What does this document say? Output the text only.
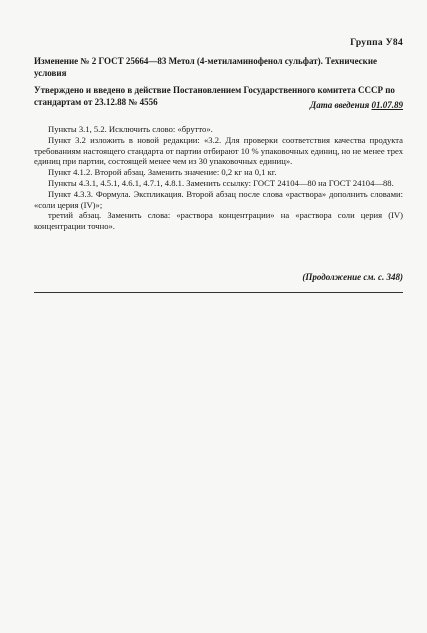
Группа У84

Изменение № 2 ГОСТ 25664—83 Метол (4-метиламинофенол сульфат). Технические условия

Утверждено и введено в действие Постановлением Государственного комитета СССР по стандартам от 23.12.88 № 4556	Дата введения 01.07.89

Пункты 3.1, 5.2. Исключить слово: «брутто».

Пункт 3.2 изложить в новой редакции: «3.2. Для проверки соответствия качества продукта требованиям настоящего стандарта от партии отбирают 10 % упаковочных единиц, но не менее трех единиц при партии, состоящей менее чем из 30 упаковочных единиц».

Пункт 4.1.2. Второй абзац. Заменить значение: 0,2 кг на 0,1 кг.

Пункты 4.3.1, 4.5.1, 4.6.1, 4.7.1, 4.8.1. Заменить ссылку: ГОСТ 24104—80 на ГОСТ 24104—88.

Пункт 4.3.3. Формула. Экспликация. Второй абзац после слова «раствора» дополнить словами: «соли церия (IV)»;

третий абзац. Заменить слова: «раствора концентрации» на «раствора соли церия (IV) концентрации точно».

(Продолжение см. с. 348)
